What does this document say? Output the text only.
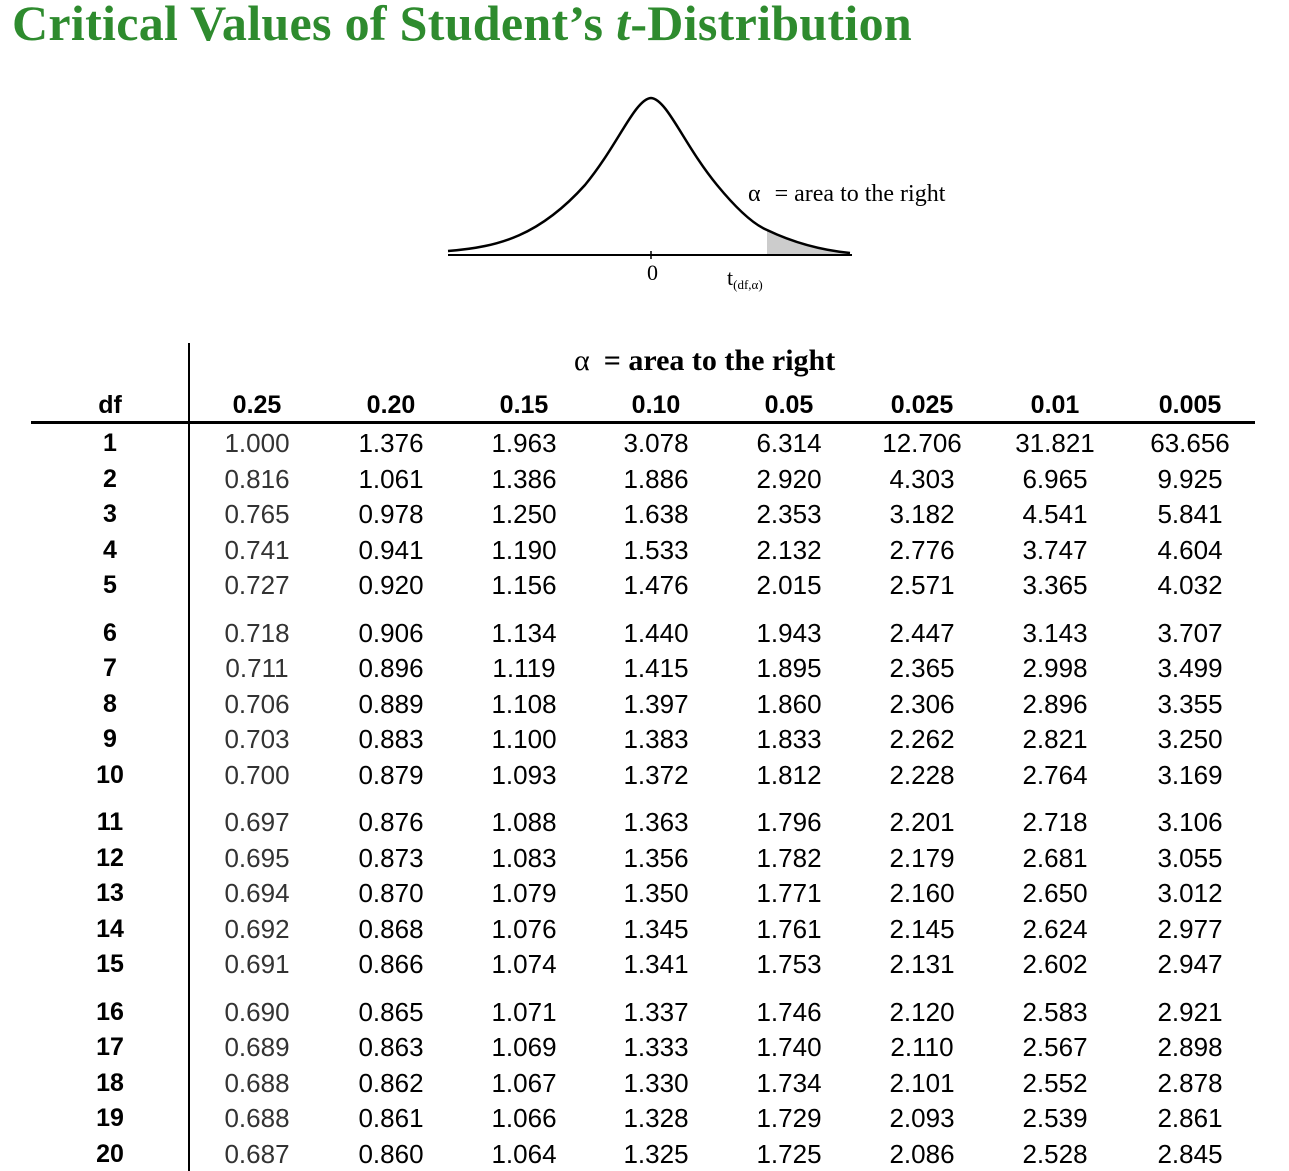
Critical Values of Student’s t-Distribution
α = area to the right
0	$t_{(df,\alpha)}$
α = area to the right
df	0.25	0.20	0.15	0.10	0.05	0.025	0.01	0.005
1	1.000	1.376	1.963	3.078	6.314 12.706 31.821 63.656
2	0.816	1.061	1.386	1.886	2.920	4.303	6.965	9.925
3	0.765	0.978	1.250	1.638	2.353	3.182	4.541	5.841
4	0.741	0.941	1.190	1.533	2.132	2.776	3.747	4.604
5	0.727	0.920	1.156	1.476	2.015	2.571	3.365	4.032
6	0.718	0.906	1.134	1.440	1.943	2.447	3.143	3.707
7	0.711	0.896	1.119	1.415	1.895	2.365	2.998	3.499
8	0.706	0.889	1.108	1.397	1.860	2.306	2.896	3.355
9	0.703	0.883	1.100	1.383	1.833	2.262	2.821	3.250
10	0.700	0.879	1.093	1.372	1.812	2.228	2.764	3.169
11	0.697	0.876	1.088	1.363	1.796	2.201	2.718	3.106
12	0.695	0.873	1.083	1.356	1.782	2.179	2.681	3.055
13	0.694	0.870	1.079	1.350	1.771	2.160	2.650	3.012
14	0.692	0.868	1.076	1.345	1.761	2.145	2.624	2.977
15	0.691	0.866	1.074	1.341	1.753	2.131	2.602	2.947
16	0.690	0.865	1.071	1.337	1.746	2.120	2.583	2.921
17	0.689	0.863	1.069	1.333	1.740	2.110	2.567	2.898
18	0.688	0.862	1.067	1.330	1.734	2.101	2.552	2.878
19	0.688	0.861	1.066	1.328	1.729	2.093	2.539	2.861
20	0.687	0.860	1.064	1.325	1.725	2.086	2.528	2.845
